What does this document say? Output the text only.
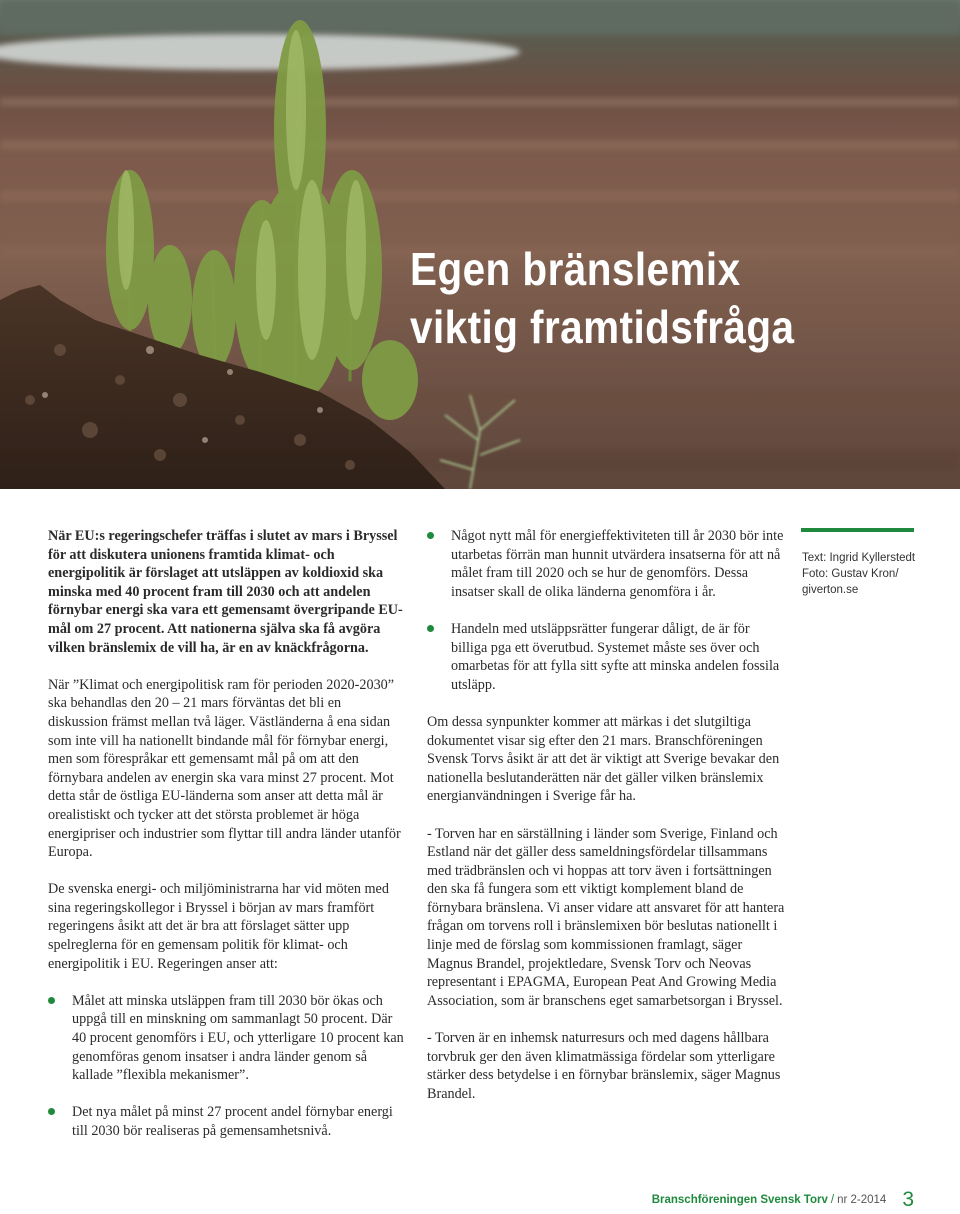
Egen bränslemix
viktig framtidsfråga

När EU:s regeringschefer träffas i slutet av mars i Bryssel för att diskutera unionens framtida klimat- och energipolitik är förslaget att utsläppen av koldioxid ska minska med 40 procent fram till 2030 och att andelen förnybar energi ska vara ett gemensamt övergripande EU-mål om 27 procent. Att nationerna själva ska få avgöra vilken bränslemix de vill ha, är en av knäckfrågorna.

När ”Klimat och energipolitisk ram för perioden 2020-2030” ska behandlas den 20 – 21 mars förväntas det bli en diskussion främst mellan två läger. Västländerna å ena sidan som inte vill ha nationellt bindande mål för förnybar energi, men som förespråkar ett gemensamt mål på om att den förnybara andelen av energin ska vara minst 27 procent. Mot detta står de östliga EU-länderna som anser att detta mål är orealistiskt och tycker att det största problemet är höga energipriser och industrier som flyttar till andra länder utanför Europa.

De svenska energi- och miljöministrarna har vid möten med sina regeringskollegor i Bryssel i början av mars framfört regeringens åsikt att det är bra att förslaget sätter upp spelreglerna för en gemensam politik för klimat- och energipolitik i EU. Regeringen anser att:

Målet att minska utsläppen fram till 2030 bör ökas och uppgå till en minskning om sammanlagt 50 procent. Där 40 procent genomförs i EU, och ytterligare 10 procent kan genomföras genom insatser i andra länder genom så kallade ”flexibla mekanismer”.
Det nya målet på minst 27 procent andel förnybar energi till 2030 bör realiseras på gemensamhetsnivå.
Något nytt mål för energieffektiviteten till år 2030 bör inte utarbetas förrän man hunnit utvärdera insatserna för att nå målet fram till 2020 och se hur de genomförs. Dessa insatser skall de olika länderna genomföra i år.
Handeln med utsläppsrätter fungerar dåligt, de är för billiga pga ett överutbud. Systemet måste ses över och omarbetas för att fylla sitt syfte att minska andelen fossila utsläpp.

Om dessa synpunkter kommer att märkas i det slutgiltiga dokumentet visar sig efter den 21 mars. Branschföreningen Svensk Torvs åsikt är att det är viktigt att Sverige bevakar den nationella beslutanderätten när det gäller vilken bränslemix energianvändningen i Sverige får ha.

- Torven har en särställning i länder som Sverige, Finland och Estland när det gäller dess sameldningsfördelar tillsammans med trädbränslen och vi hoppas att torv även i fortsättningen den ska få fungera som ett viktigt komplement bland de förnybara bränslena. Vi anser vidare att ansvaret för att hantera frågan om torvens roll i bränslemixen bör beslutas nationellt i linje med de förslag som kommissionen framlagt, säger Magnus Brandel, projektledare, Svensk Torv och Neovas representant i EPAGMA, European Peat And Growing Media Association, som är branschens eget samarbetsorgan i Bryssel.

- Torven är en inhemsk naturresurs och med dagens hållbara torvbruk ger den även klimatmässiga fördelar som ytterligare stärker dess betydelse i en förnybar bränslemix, säger Magnus Brandel.

Text: Ingrid Kyllerstedt
Foto: Gustav Kron/
giverton.se
Branschföreningen Svensk Torv / nr 2-2014 3
